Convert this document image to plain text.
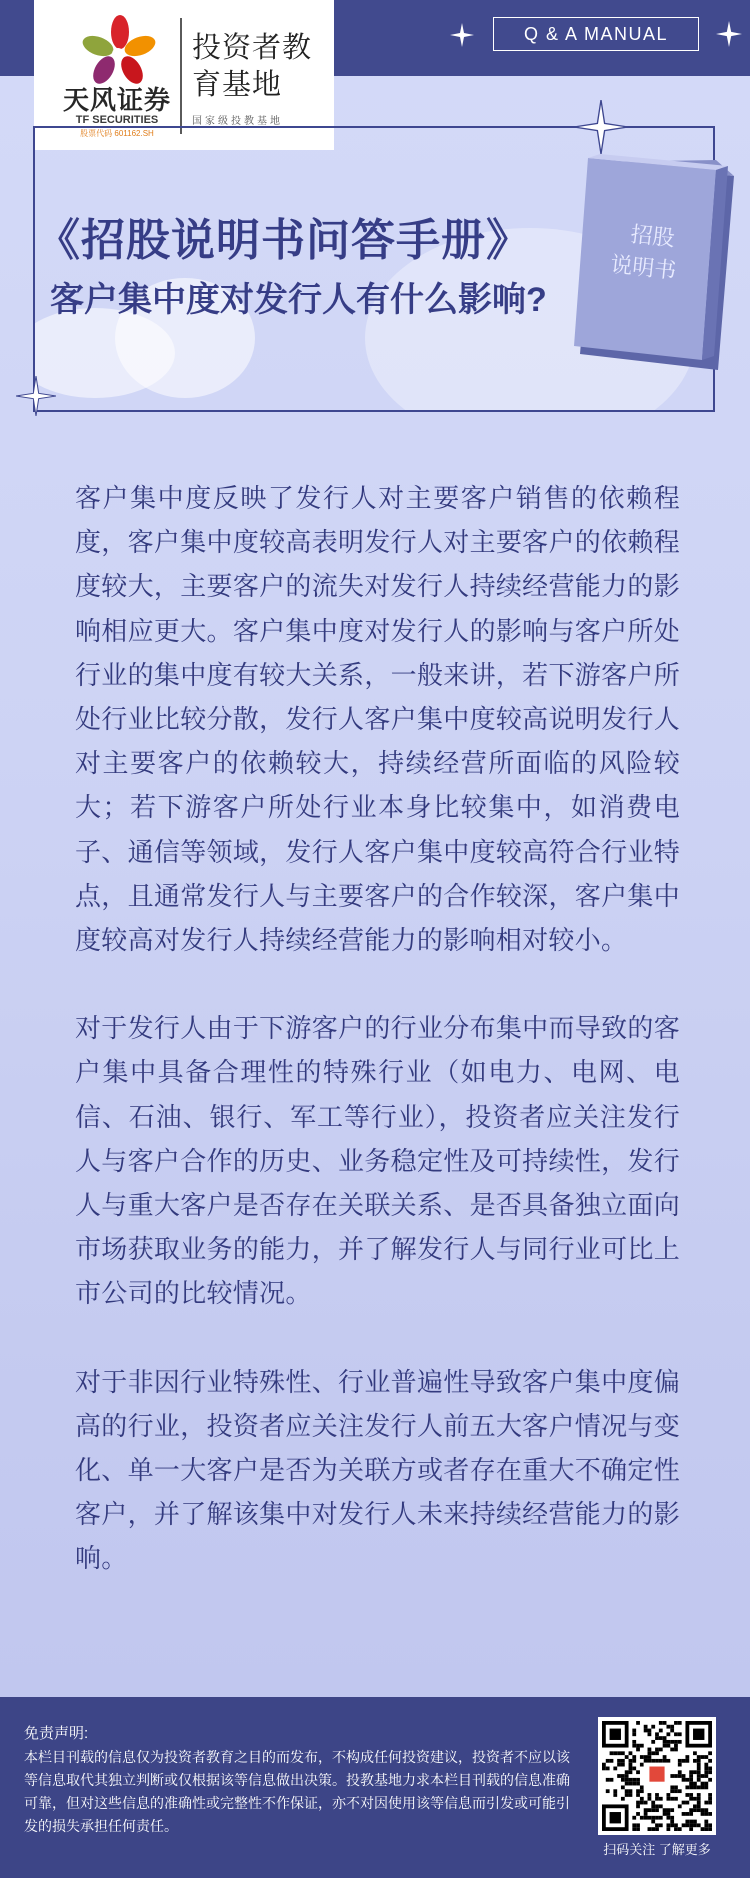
天风证券
TF SECURITIES
股票代码 601162.SH
投资者教育基地
国家级投教基地
Q & A MANUAL
招股说明书
《招股说明书问答手册》
客户集中度对发行人有什么影响?

客户集中度反映了发行人对主要客户销售的依赖程度，客户集中度较高表明发行人对主要客户的依赖程度较大，主要客户的流失对发行人持续经营能力的影响相应更大。客户集中度对发行人的影响与客户所处行业的集中度有较大关系，一般来讲，若下游客户所处行业比较分散，发行人客户集中度较高说明发行人对主要客户的依赖较大，持续经营所面临的风险较大；若下游客户所处行业本身比较集中，如消费电子、通信等领域，发行人客户集中度较高符合行业特点，且通常发行人与主要客户的合作较深，客户集中度较高对发行人持续经营能力的影响相对较小。

对于发行人由于下游客户的行业分布集中而导致的客户集中具备合理性的特殊行业（如电力、电网、电信、石油、银行、军工等行业），投资者应关注发行人与客户合作的历史、业务稳定性及可持续性，发行人与重大客户是否存在关联关系、是否具备独立面向市场获取业务的能力，并了解发行人与同行业可比上市公司的比较情况。

对于非因行业特殊性、行业普遍性导致客户集中度偏高的行业，投资者应关注发行人前五大客户情况与变化、单一大客户是否为关联方或者存在重大不确定性客户，并了解该集中对发行人未来持续经营能力的影响。

免责声明:
本栏目刊载的信息仅为投资者教育之目的而发布，不构成任何投资建议，投资者不应以该等信息取代其独立判断或仅根据该等信息做出决策。投教基地力求本栏目刊载的信息准确可靠，但对这些信息的准确性或完整性不作保证，亦不对因使用该等信息而引发或可能引发的损失承担任何责任。
扫码关注 了解更多
